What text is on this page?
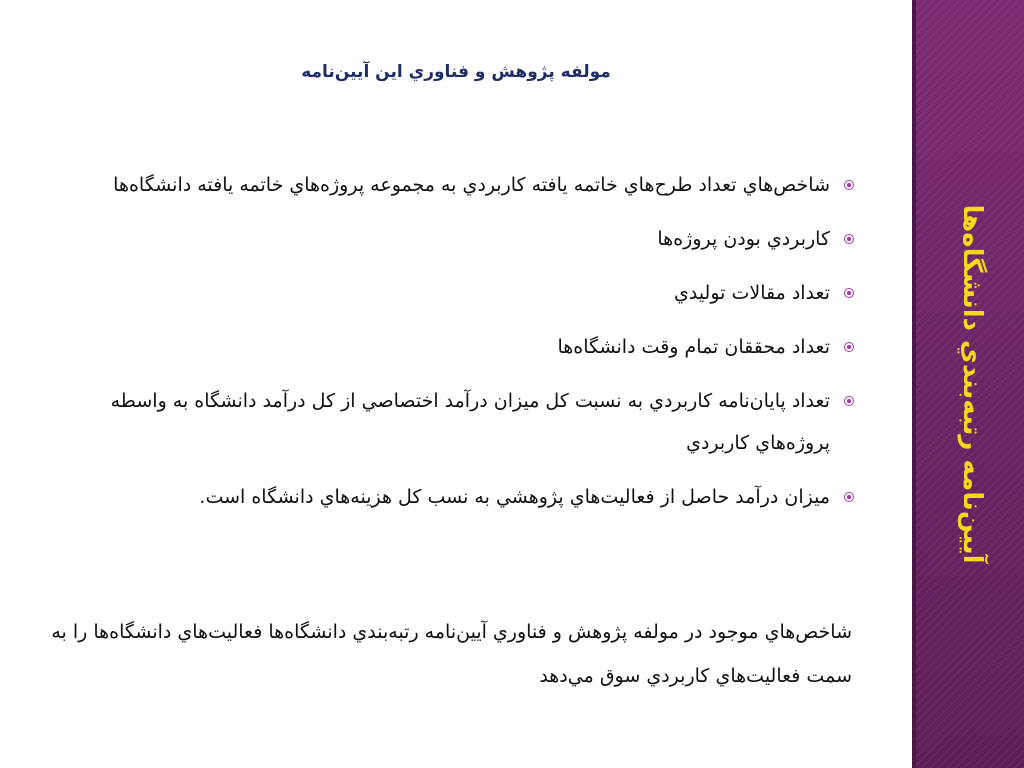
مولفه پژوهش و فناوري اين آيين‌نامه
شاخص‌هاي تعداد طرح‌هاي خاتمه يافته كاربردي به مجموعه پروژه‌هاي خاتمه يافته دانشگاه‌ها
كاربردي بودن پروژه‌ها
تعداد مقالات توليدي
تعداد محققان تمام وقت دانشگاه‌ها
تعداد پايان‌نامه كاربردي به نسبت كل ميزان درآمد اختصاصي از كل درآمد دانشگاه به واسطه پروژه‌هاي كاربردي
ميزان درآمد حاصل از فعاليت‌هاي پژوهشي به نسب كل هزينه‌هاي دانشگاه است.

شاخص‌هاي موجود در مولفه پژوهش و فناوري آيين‌نامه رتبه‌بندي دانشگاه‌ها فعاليت‌هاي دانشگاه‌ها را به سمت فعاليت‌هاي كاربردي سوق مي‌دهد

آيين‌نامه رتبه‌بندي دانشگاه‌ها
